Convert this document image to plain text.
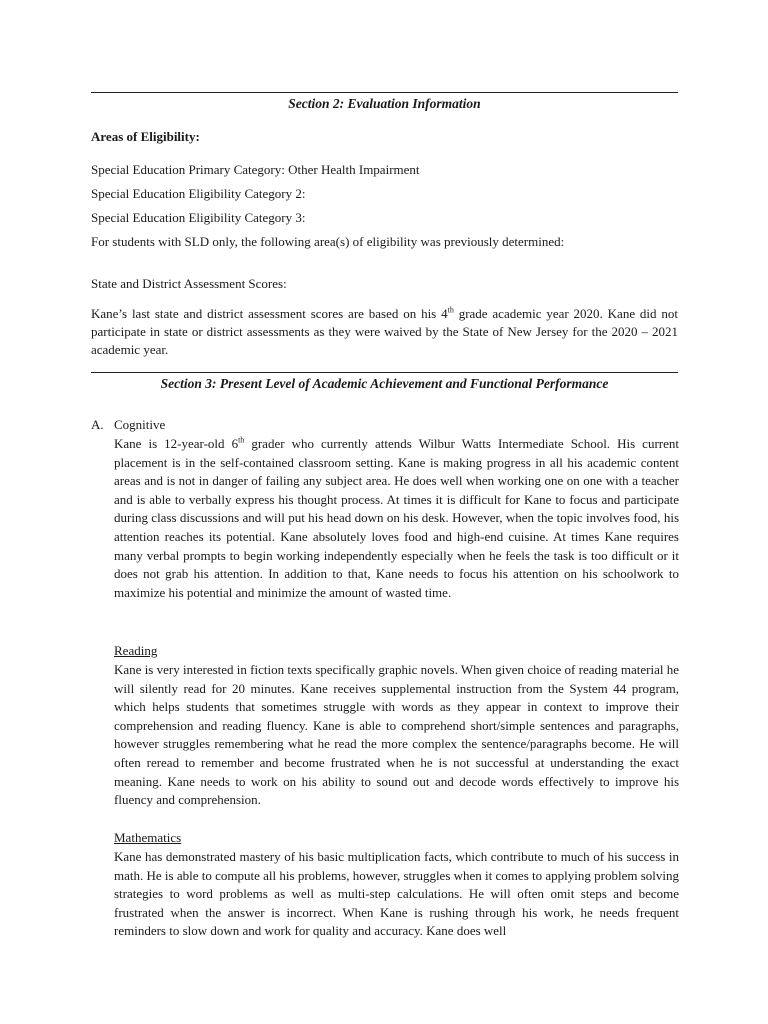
Section 2: Evaluation Information
Areas of Eligibility:
Special Education Primary Category: Other Health Impairment
Special Education Eligibility Category 2:
Special Education Eligibility Category 3:
For students with SLD only, the following area(s) of eligibility was previously determined:
State and District Assessment Scores:
Kane’s last state and district assessment scores are based on his 4th grade academic year 2020. Kane did not participate in state or district assessments as they were waived by the State of New Jersey for the 2020 – 2021 academic year.
Section 3: Present Level of Academic Achievement and Functional Performance
A. Cognitive
Kane is 12-year-old 6th grader who currently attends Wilbur Watts Intermediate School. His current placement is in the self-contained classroom setting. Kane is making progress in all his academic content areas and is not in danger of failing any subject area. He does well when working one on one with a teacher and is able to verbally express his thought process. At times it is difficult for Kane to focus and participate during class discussions and will put his head down on his desk. However, when the topic involves food, his attention reaches its potential. Kane absolutely loves food and high-end cuisine. At times Kane requires many verbal prompts to begin working independently especially when he feels the task is too difficult or it does not grab his attention. In addition to that, Kane needs to focus his attention on his schoolwork to maximize his potential and minimize the amount of wasted time.
Reading
Kane is very interested in fiction texts specifically graphic novels. When given choice of reading material he will silently read for 20 minutes. Kane receives supplemental instruction from the System 44 program, which helps students that sometimes struggle with words as they appear in context to improve their comprehension and reading fluency. Kane is able to comprehend short/simple sentences and paragraphs, however struggles remembering what he read the more complex the sentence/paragraphs become. He will often reread to remember and become frustrated when he is not successful at understanding the exact meaning. Kane needs to work on his ability to sound out and decode words effectively to improve his fluency and comprehension.
Mathematics
Kane has demonstrated mastery of his basic multiplication facts, which contribute to much of his success in math. He is able to compute all his problems, however, struggles when it comes to applying problem solving strategies to word problems as well as multi-step calculations. He will often omit steps and become frustrated when the answer is incorrect. When Kane is rushing through his work, he needs frequent reminders to slow down and work for quality and accuracy. Kane does well
